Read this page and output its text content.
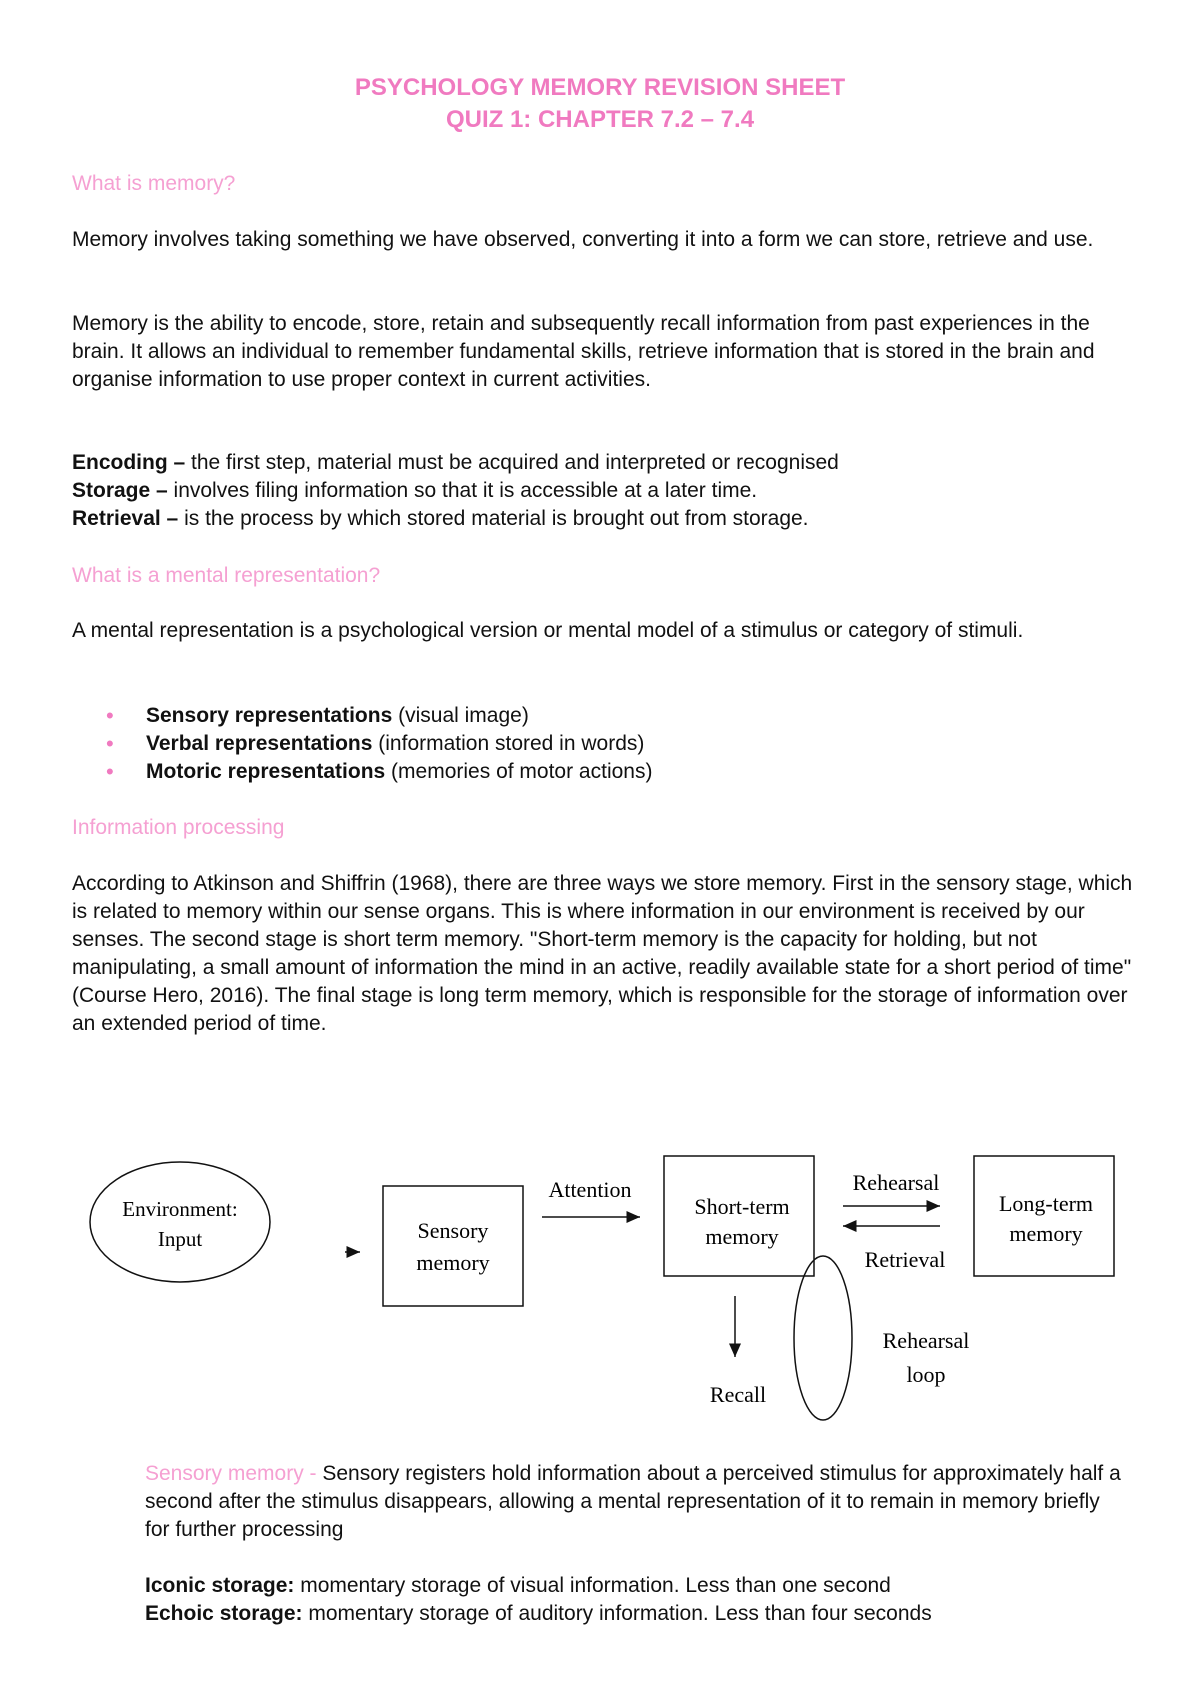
PSYCHOLOGY MEMORY REVISION SHEET
QUIZ 1: CHAPTER 7.2 – 7.4
What is memory?

Memory involves taking something we have observed, converting it into a form we can store, retrieve and use.

Memory is the ability to encode, store, retain and subsequently recall information from past experiences in the brain. It allows an individual to remember fundamental skills, retrieve information that is stored in the brain and organise information to use proper context in current activities.

Encoding – the first step, material must be acquired and interpreted or recognised
Storage – involves filing information so that it is accessible at a later time.
Retrieval – is the process by which stored material is brought out from storage.
What is a mental representation?

A mental representation is a psychological version or mental model of a stimulus or category of stimuli.

• Sensory representations (visual image)
• Verbal representations (information stored in words)
• Motoric representations (memories of motor actions)
Information processing

According to Atkinson and Shiffrin (1968), there are three ways we store memory. First in the sensory stage, which is related to memory within our sense organs. This is where information in our environment is received by our senses. The second stage is short term memory. "Short-term memory is the capacity for holding, but not manipulating, a small amount of information the mind in an active, readily available state for a short period of time" (Course Hero, 2016). The final stage is long term memory, which is responsible for the storage of information over an extended period of time.

Environment:
Input	Sensory
memory
Attention
Short-term
memory
Rehearsal
Retrieval
Long-term
memory
Recall
Rehearsal
loop

Sensory memory - Sensory registers hold information about a perceived stimulus for approximately half a second after the stimulus disappears, allowing a mental representation of it to remain in memory briefly for further processing

Iconic storage: momentary storage of visual information. Less than one second
Echoic storage: momentary storage of auditory information. Less than four seconds
